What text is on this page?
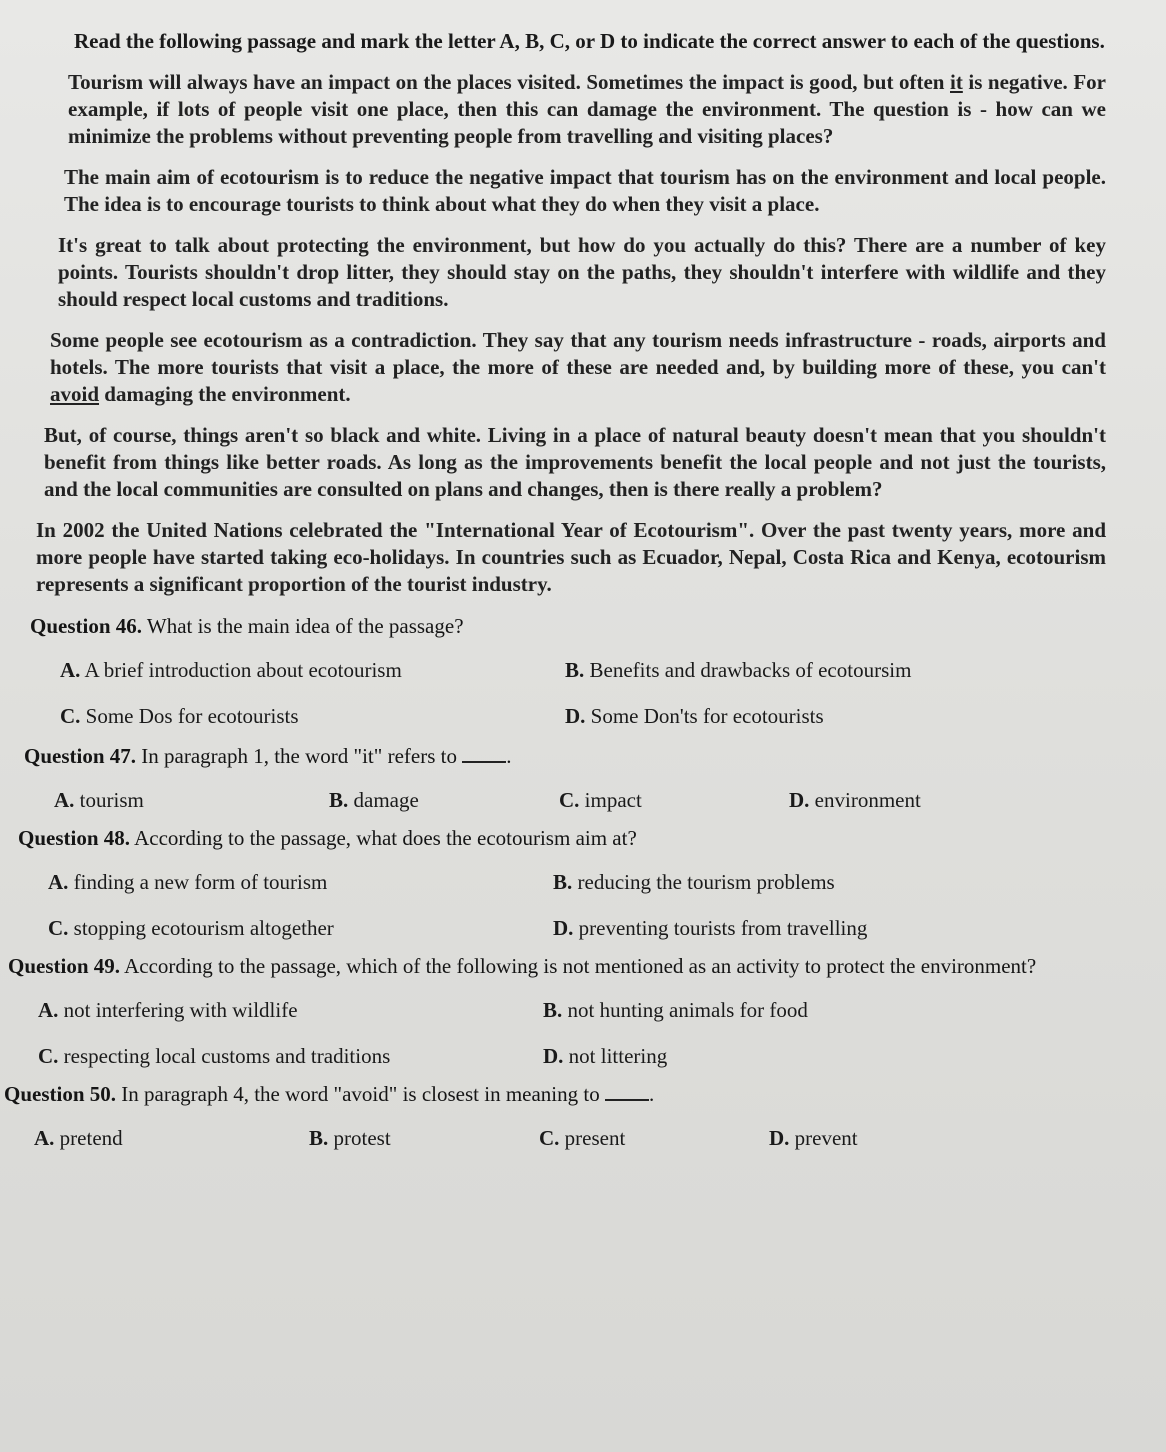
Read the following passage and mark the letter A, B, C, or D to indicate the correct answer to each of the questions.
Tourism will always have an impact on the places visited. Sometimes the impact is good, but often it is negative. For example, if lots of people visit one place, then this can damage the environment. The question is - how can we minimize the problems without preventing people from travelling and visiting places?
The main aim of ecotourism is to reduce the negative impact that tourism has on the environment and local people. The idea is to encourage tourists to think about what they do when they visit a place.
It's great to talk about protecting the environment, but how do you actually do this? There are a number of key points. Tourists shouldn't drop litter, they should stay on the paths, they shouldn't interfere with wildlife and they should respect local customs and traditions.
Some people see ecotourism as a contradiction. They say that any tourism needs infrastructure - roads, airports and hotels. The more tourists that visit a place, the more of these are needed and, by building more of these, you can't avoid damaging the environment.
But, of course, things aren't so black and white. Living in a place of natural beauty doesn't mean that you shouldn't benefit from things like better roads. As long as the improvements benefit the local people and not just the tourists, and the local communities are consulted on plans and changes, then is there really a problem?
In 2002 the United Nations celebrated the "International Year of Ecotourism". Over the past twenty years, more and more people have started taking eco-holidays. In countries such as Ecuador, Nepal, Costa Rica and Kenya, ecotourism represents a significant proportion of the tourist industry.
Question 46. What is the main idea of the passage?
A. A brief introduction about ecotourism	B. Benefits and drawbacks of ecotoursim
C. Some Dos for ecotourists	D. Some Don'ts for ecotourists
Question 47. In paragraph 1, the word "it" refers to .
A. tourism	B. damage	C. impact	D. environment
Question 48. According to the passage, what does the ecotourism aim at?
A. finding a new form of tourism	B. reducing the tourism problems
C. stopping ecotourism altogether	D. preventing tourists from travelling
Question 49. According to the passage, which of the following is not mentioned as an activity to protect the environment?
A. not interfering with wildlife	B. not hunting animals for food
C. respecting local customs and traditions	D. not littering
Question 50. In paragraph 4, the word "avoid" is closest in meaning to .
A. pretend	B. protest	C. present	D. prevent
